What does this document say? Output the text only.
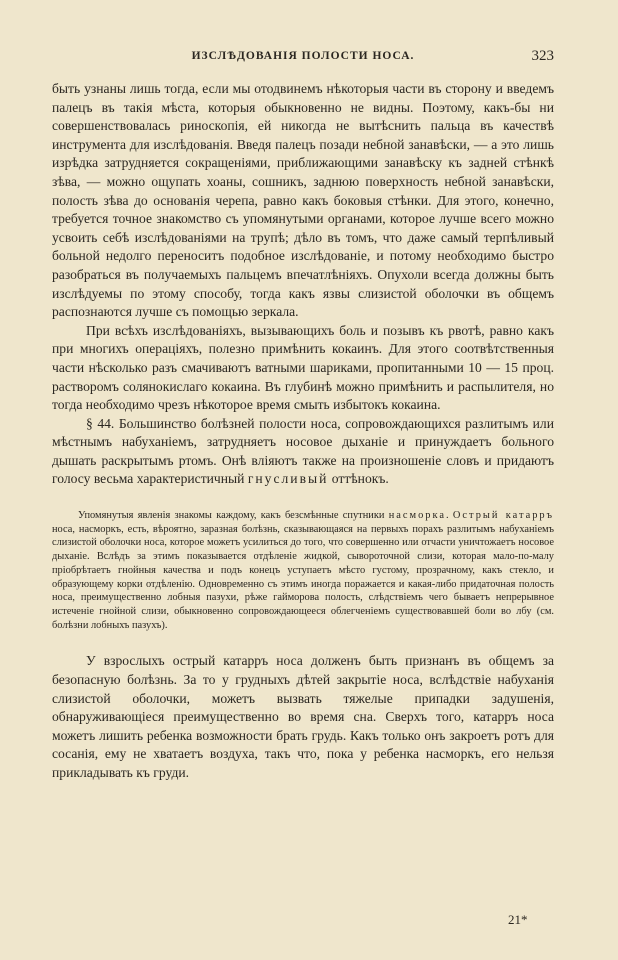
ИЗСЛѢДОВАНІЯ ПОЛОСТИ НОСА.	323

быть узнаны лишь тогда, если мы отодвинемъ нѣкоторыя части въ сторону и введемъ палецъ въ такія мѣста, которыя обыкновенно не видны. Поэтому, какъ-бы ни совершенствовалась риноскопія, ей никогда не вытѣснить пальца въ качествѣ инструмента для изслѣдованія. Введя палецъ позади небной занавѣски, — а это лишь изрѣдка затрудняется сокращеніями, приближающими занавѣску къ задней стѣнкѣ зѣва, — можно ощупать хоаны, сошникъ, заднюю поверхность небной занавѣски, полость зѣва до основанія черепа, равно какъ боковыя стѣнки. Для этого, конечно, требуется точное знакомство съ упомянутыми органами, которое лучше всего можно усвоить себѣ изслѣдованіями на трупѣ; дѣло въ томъ, что даже самый терпѣливый больной недолго переноситъ подобное изслѣдованіе, и потому необходимо быстро разобраться въ получаемыхъ пальцемъ впечатлѣніяхъ. Опухоли всегда должны быть изслѣдуемы по этому способу, тогда какъ язвы слизистой оболочки въ общемъ распознаются лучше съ помощью зеркала.

При всѣхъ изслѣдованіяхъ, вызывающихъ боль и позывъ къ рвотѣ, равно какъ при многихъ операціяхъ, полезно примѣнить кокаинъ. Для этого соотвѣтственныя части нѣсколько разъ смачиваютъ ватными шариками, пропитанными 10 — 15 проц. растворомъ солянокислаго кокаина. Въ глубинѣ можно примѣнить и распылителя, но тогда необходимо чрезъ нѣкоторое время смыть избытокъ кокаина.

§ 44. Большинство болѣзней полости носа, сопровождающихся разлитымъ или мѣстнымъ набуханіемъ, затрудняетъ носовое дыханіе и принуждаетъ больного дышать раскрытымъ ртомъ. Онѣ вліяютъ также на произношеніе словъ и придаютъ голосу весьма характеристичный гнусливый оттѣнокъ.

Упомянутыя явленія знакомы каждому, какъ безсмѣнные спутники насморка. Острый катарръ носа, насморкъ, есть, вѣроятно, заразная болѣзнь, сказывающаяся на первыхъ порахъ разлитымъ набуханіемъ слизистой оболочки носа, которое можетъ усилиться до того, что совершенно или отчасти уничтожаетъ носовое дыханіе. Вслѣдъ за этимъ показывается отдѣленіе жидкой, сывороточной слизи, которая мало-по-малу пріобрѣтаетъ гнойныя качества и подъ конецъ уступаетъ мѣсто густому, прозрачному, какъ стекло, и образующему корки отдѣленію. Одновременно съ этимъ иногда поражается и какая-либо придаточная полость носа, преимущественно лобныя пазухи, рѣже гайморова полость, слѣдствіемъ чего бываетъ непрерывное истеченіе гнойной слизи, обыкновенно сопровождающееся облегченіемъ существовавшей боли во лбу (см. болѣзни лобныхъ пазухъ).

У взрослыхъ острый катарръ носа долженъ быть признанъ въ общемъ за безопасную болѣзнь. За то у грудныхъ дѣтей закрытіе носа, вслѣдствіе набуханія слизистой оболочки, можетъ вызвать тяжелые припадки задушенія, обнаруживающіеся преимущественно во время сна. Сверхъ того, катарръ носа можетъ лишить ребенка возможности брать грудь. Какъ только онъ закроетъ ротъ для сосанія, ему не хватаетъ воздуха, такъ что, пока у ребенка насморкъ, его нельзя прикладывать къ груди.

21*
